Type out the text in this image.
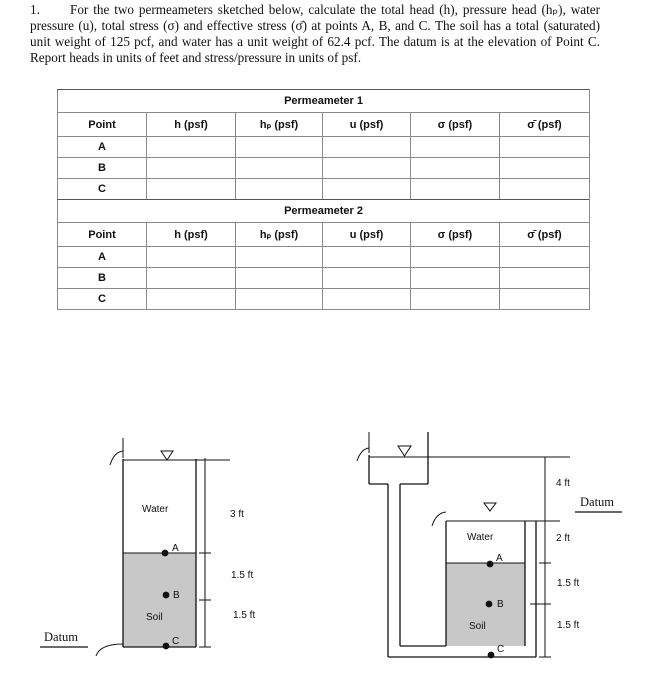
1. For the two permeameters sketched below, calculate the total head (h), pressure head (hₚ), water pressure (u), total stress (σ) and effective stress (σ̄) at points A, B, and C. The soil has a total (saturated) unit weight of 125 pcf, and water has a unit weight of 62.4 pcf. The datum is at the elevation of Point C. Report heads in units of feet and stress/pressure in units of psf.
Permeameter 1					
Point	h (psf)	hₚ (psf)	u (psf)	σ (psf)	σ̄ (psf)
A					
B					
C					
Permeameter 2					
Point	h (psf)	hₚ (psf)	u (psf)	σ (psf)	σ̄ (psf)
A					
B					
C					
A
B
C
Water
Soil
3 ft
1.5 ft
1.5 ft
Datum
A
B
C
Water
Soil
4 ft
2 ft
1.5 ft
1.5 ft
Datum
